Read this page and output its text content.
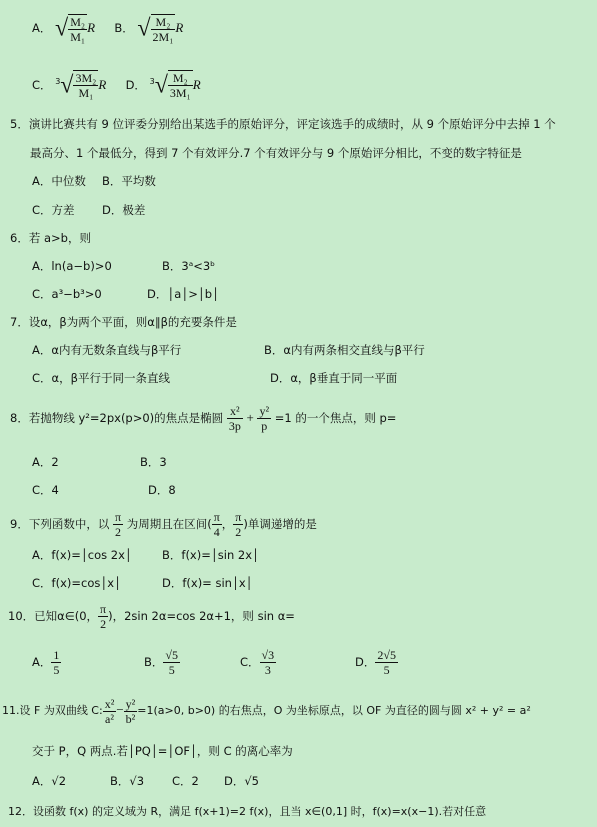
A． √ $\frac{\text{M₂}}{\text{M₁}}$ R B． √ $\frac{\text{M₂}}{\text{2M₁}}$ R
C． $^3√ \frac{\text{3M₂}}{\text{M₁}}$ R D． $^3√ \frac{\text{M₂}}{\text{3M₁}}$ R
5．演讲比赛共有 9 位评委分别给出某选手的原始评分，评定该选手的成绩时，从 9 个原始评分中去掉 1 个
最高分、1 个最低分，得到 7 个有效评分.7 个有效评分与 9 个原始评分相比，不变的数字特征是
A．中位数 B．平均数
C．方差 D．极差
6．若 a>b，则
A．ln(a−b)>0	B．3ᵃ<3ᵇ
C．a³−b³>0	D．│a│>│b│
7．设α，β为两个平面，则α∥β的充要条件是
A．α内有无数条直线与β平行	B．α内有两条相交直线与β平行
C．α，β平行于同一条直线	D．α，β垂直于同一平面
8．若抛物线 y²=2px(p>0)的焦点是椭圆 $\frac{\text{x²}}{3p} + \frac{\text{y²}}{p} =1$ 的一个焦点，则 p=
A．2	B．3
C．4	D．8
9．下列函数中，以 $\frac{\pi}{2}$ 为周期且在区间( $\frac{\pi}{4}$ ， $\frac{\pi}{2}$ )单调递增的是
A．f(x)=│cos 2x│	B．f(x)=│sin 2x│
C．f(x)=cos│x│	D．f(x)= sin│x│
10．已知α∈(0， $\frac{\pi}{2}$ )，2sin 2α=cos 2α+1，则 sin α=
A． $\frac{1}{5}$	B． $\frac{√5}{5}$	C． $\frac{√3}{3}$	D． $\frac{2√5}{5}$
11.设 F 为双曲线 C: $\frac{\text{x²}}{\text{a²}} - \frac{\text{y²}}{\text{b²}} =1(a>0$, b>0) 的右焦点，O 为坐标原点，以 OF 为直径的圆与圆 x² + y² = a²
交于 P，Q 两点.若│PQ│=│OF│，则 C 的离心率为
A．√2	B．√3 C．2 D．√5
12．设函数 f(x) 的定义域为 R，满足 f(x+1)=2 f(x)，且当 x∈(0,1] 时，f(x)=x(x−1).若对任意
